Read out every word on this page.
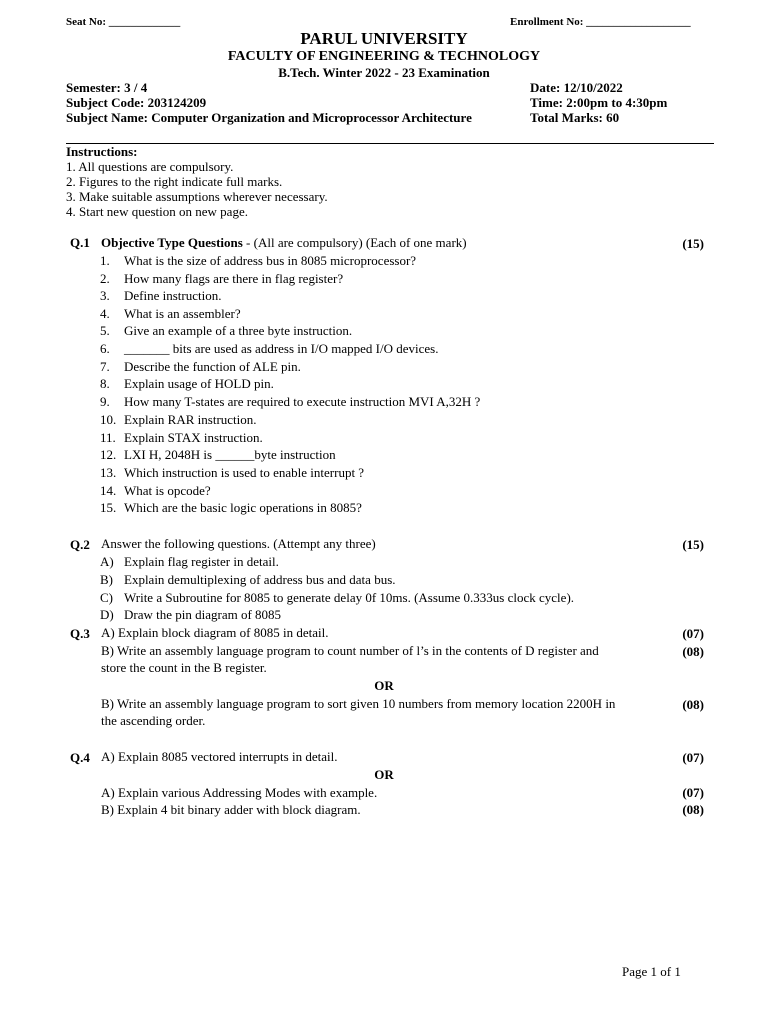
Seat No: _____________	Enrollment No: ___________________
PARUL UNIVERSITY
FACULTY OF ENGINEERING & TECHNOLOGY
B.Tech. Winter 2022 - 23 Examination
Semester: 3 / 4
Subject Code: 203124209
Subject Name: Computer Organization and Microprocessor Architecture
Date: 12/10/2022
Time: 2:00pm to 4:30pm
Total Marks: 60
Instructions:
1. All questions are compulsory.
2. Figures to the right indicate full marks.
3. Make suitable assumptions wherever necessary.
4. Start new question on new page.
Q.1 Objective Type Questions - (All are compulsory) (Each of one mark)	(15)
1.	What is the size of address bus in 8085 microprocessor?
2.	How many flags are there in flag register?
3.	Define instruction.
4.	What is an assembler?
5.	Give an example of a three byte instruction.
6.	_______ bits are used as address in I/O mapped I/O devices.
7.	Describe the function of ALE pin.
8.	Explain usage of HOLD pin.
9.	How many T-states are required to execute instruction MVI A,32H ?
10. Explain RAR instruction.
11. Explain STAX instruction.
12. LXI H, 2048H is ______byte instruction
13. Which instruction is used to enable interrupt ?
14. What is opcode?
15. Which are the basic logic operations in 8085?
Q.2 Answer the following questions. (Attempt any three)	(15)
A) Explain flag register in detail.
B) Explain demultiplexing of address bus and data bus.
C) Write a Subroutine for 8085 to generate delay 0f 10ms. (Assume 0.333us clock cycle).
D) Draw the pin diagram of 8085
Q.3 A) Explain block diagram of 8085 in detail.	(07)
B) Write an assembly language program to count number of l’s in the contents of D register and	(08)
store the count in the B register.
OR
B) Write an assembly language program to sort given 10 numbers from memory location 2200H in	(08)
the ascending order.
Q.4 A) Explain 8085 vectored interrupts in detail.	(07)
OR
A) Explain various Addressing Modes with example.	(07)
B) Explain 4 bit binary adder with block diagram.	(08)
Page 1 of 1
